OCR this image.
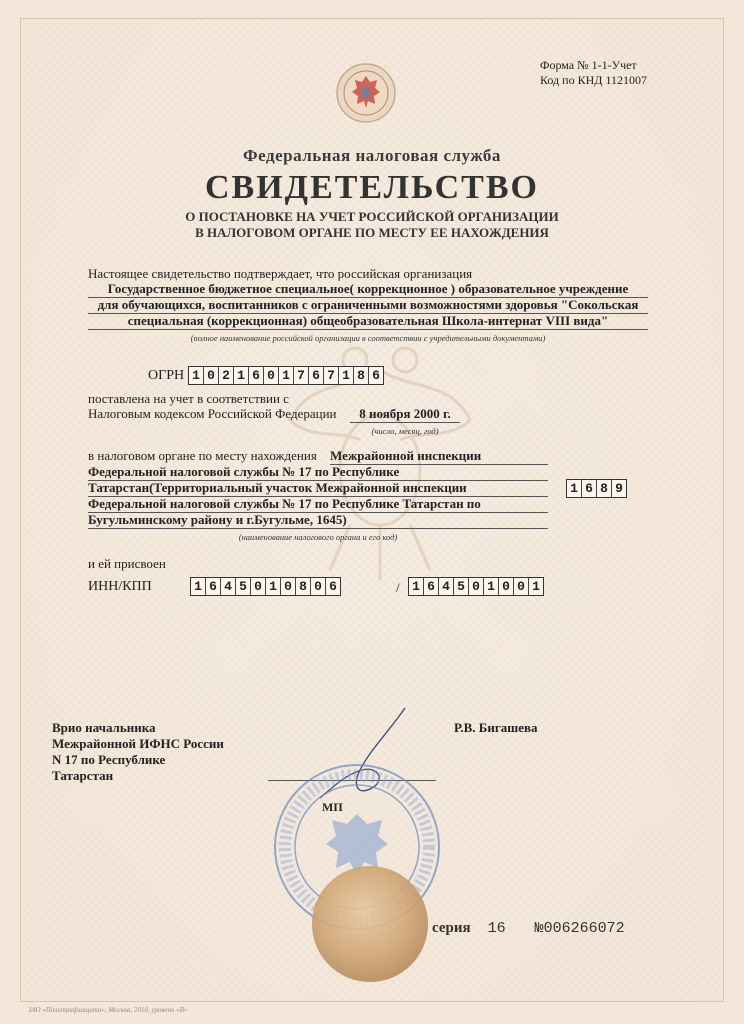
Форма № 1-1-Учет
Код по КНД 1121007
Федеральная налоговая служба
СВИДЕТЕЛЬСТВО
О ПОСТАНОВКЕ НА УЧЕТ РОССИЙСКОЙ ОРГАНИЗАЦИИ
В НАЛОГОВОМ ОРГАНЕ ПО МЕСТУ ЕЕ НАХОЖДЕНИЯ
Настоящее свидетельство подтверждает, что российская организация
Государственное бюджетное специальное( коррекционное ) образовательное учреждение
для обучающихся, воспитанников с ограниченными возможностями здоровья "Сокольская
специальная (коррекционная) общеобразовательная Школа-интернат VIII вида"
(полное наименование российской организации в соответствии с учредительными документами)
ОГРН 1 0 2 1 6 0 1 7 6 7 1 8 6
поставлена на учет в соответствии с
Налоговым кодексом Российской Федерации	8 ноября 2000 г.
(число, месяц, год)
в налоговом органе по месту нахождения Межрайонной инспекции
Федеральной налоговой службы № 17 по Республике
Татарстан(Территориальный участок Межрайонной инспекции
Федеральной налоговой службы № 17 по Республике Татарстан по
Бугульминскому району и г.Бугульме, 1645)
1 6 8 9
(наименование налогового органа и его код)
и ей присвоен
ИНН/КПП	1 6 4 5 0 1 0 8 0 6	/ 1 6 4 5 0 1 0 0 1
Врио начальника
Межрайонной ИФНС России
N 17 по Республике
Татарстан
Р.В. Бигашева
МП
серия 16 №006266072
ЗАО «Политрафзащита», Москва, 2010, уровень «В»
